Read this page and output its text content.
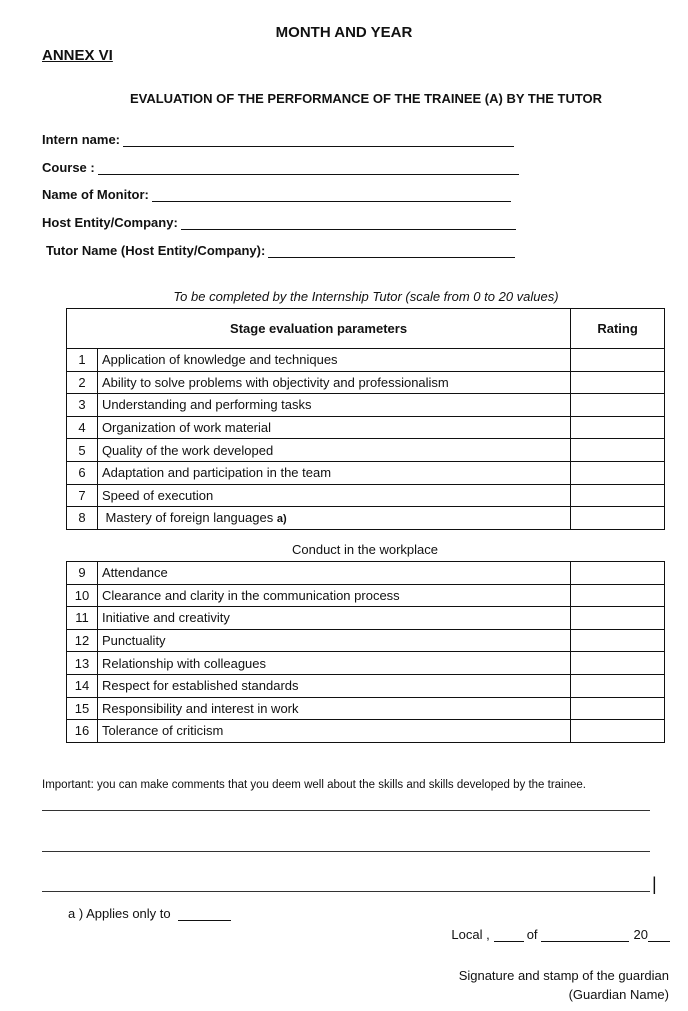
MONTH AND YEAR
ANNEX VI
EVALUATION OF THE PERFORMANCE OF THE TRAINEE (A) BY THE TUTOR
Intern name:
Course :
Name of Monitor:
Host Entity/Company:
Tutor Name (Host Entity/Company):
To be completed by the Internship Tutor (scale from 0 to 20 values)
Stage evaluation parameters		Rating
1	Application of knowledge and techniques	
2	Ability to solve problems with objectivity and professionalism	
3	Understanding and performing tasks	
4	Organization of work material	
5	Quality of the work developed	
6	Adaptation and participation in the team	
7	Speed of execution	
8	Mastery of foreign languages a)	
Conduct in the workplace
9	Attendance	
10	Clearance and clarity in the communication process	
11	Initiative and creativity	
12	Punctuality	
13	Relationship with colleagues	
14	Respect for established standards	
15	Responsibility and interest in work	
16	Tolerance of criticism	
Important: you can make comments that you deem well about the skills and skills developed by the trainee.
|
a ) Applies only to
Local ,	of	20
Signature and stamp of the guardian
(Guardian Name)
